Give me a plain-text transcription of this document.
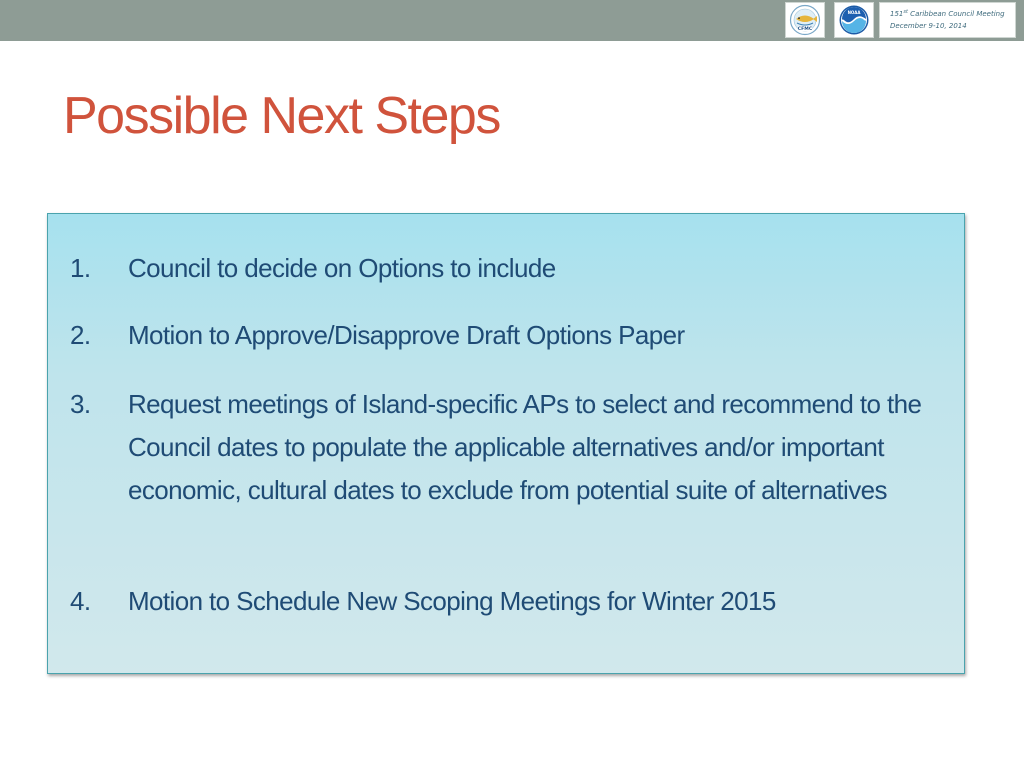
CFMC
NOAA	151st Caribbean Council Meeting
December 9-10, 2014
Possible Next Steps
1. Council to decide on Options to include
2. Motion to Approve/Disapprove Draft Options Paper
3. Request meetings of Island-specific APs to select and recommend to the Council dates to populate the applicable alternatives and/or important economic, cultural dates to exclude from potential suite of alternatives
4. Motion to Schedule New Scoping Meetings for Winter 2015
